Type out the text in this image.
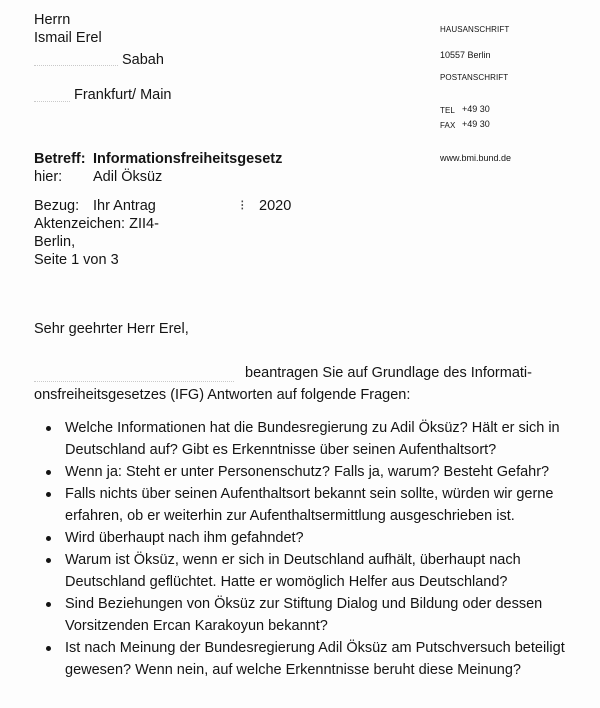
Herrn
Ismail Erel
Sabah
Frankfurt/ Main
HAUSANSCHRIFT
10557 Berlin
POSTANSCHRIFT
TEL +49 30
FAX +49 30
www.bmi.bund.de
Betreff: Informationsfreiheitsgesetz
hier: Adil Öksüz
Bezug: Ihr Antrag	⁝ 2020
Aktenzeichen: ZII4-
Berlin,
Seite 1 von 3
Sehr geehrter Herr Erel,
beantragen Sie auf Grundlage des Informati-
onsfreiheitsgesetzes (IFG) Antworten auf folgende Fragen:
Welche Informationen hat die Bundesregierung zu Adil Öksüz? Hält er sich in
Deutschland auf? Gibt es Erkenntnisse über seinen Aufenthaltsort?
Wenn ja: Steht er unter Personenschutz? Falls ja, warum? Besteht Gefahr?
Falls nichts über seinen Aufenthaltsort bekannt sein sollte, würden wir gerne
erfahren, ob er weiterhin zur Aufenthaltsermittlung ausgeschrieben ist.
Wird überhaupt nach ihm gefahndet?
Warum ist Öksüz, wenn er sich in Deutschland aufhält, überhaupt nach
Deutschland geflüchtet. Hatte er womöglich Helfer aus Deutschland?
Sind Beziehungen von Öksüz zur Stiftung Dialog und Bildung oder dessen
Vorsitzenden Ercan Karakoyun bekannt?
Ist nach Meinung der Bundesregierung Adil Öksüz am Putschversuch beteiligt
gewesen? Wenn nein, auf welche Erkenntnisse beruht diese Meinung?
